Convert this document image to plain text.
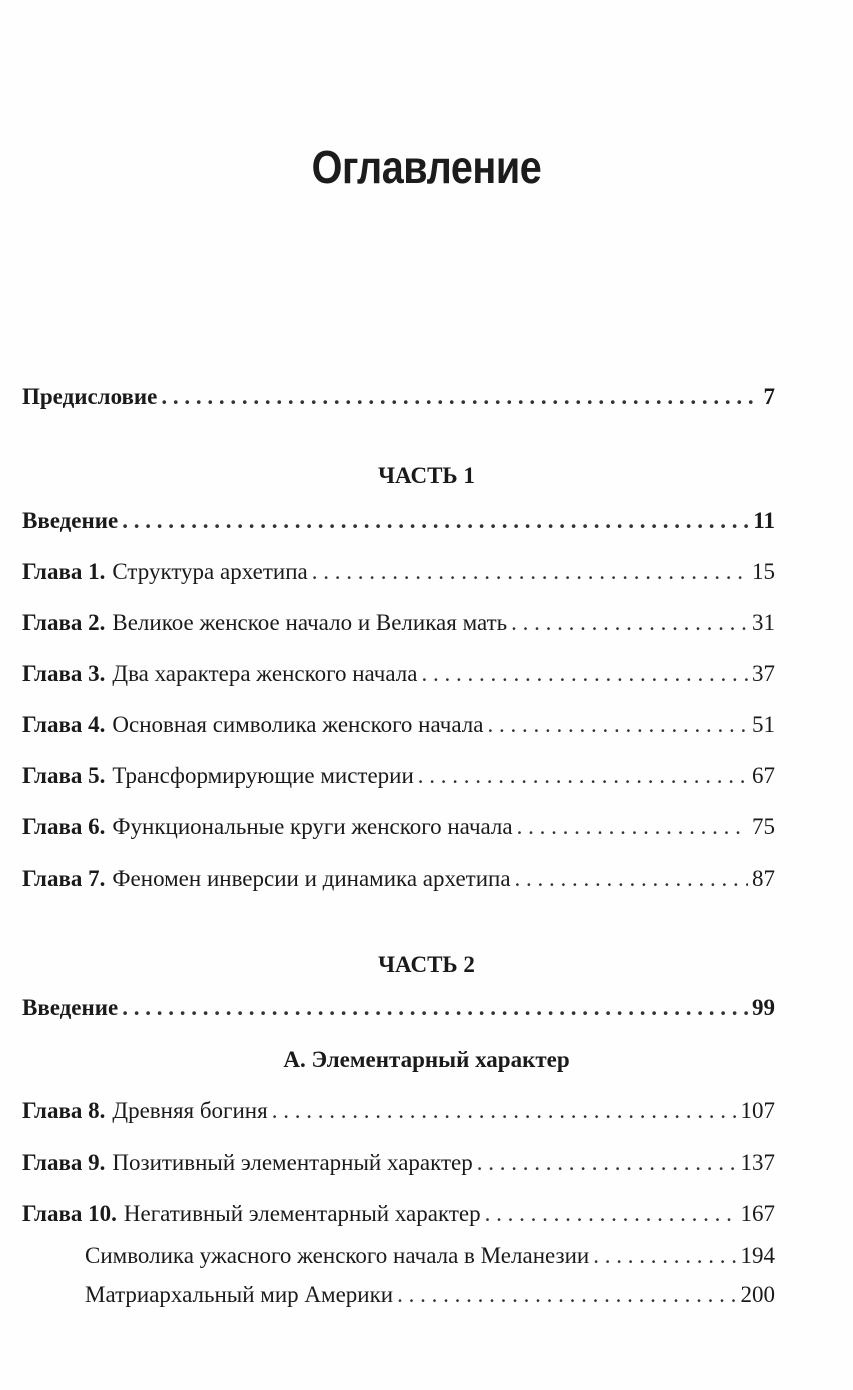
Оглавление
Предисловие . . .	7
ЧАСТЬ 1
Введение . . .	11
Глава 1. Структура архетипа . . .	15
Глава 2. Великое женское начало и Великая мать . . .	31
Глава 3. Два характера женского начала . . .	37
Глава 4. Основная символика женского начала . . .	51
Глава 5. Трансформирующие мистерии . . .	67
Глава 6. Функциональные круги женского начала . . .	75
Глава 7. Феномен инверсии и динамика архетипа . . .	87
ЧАСТЬ 2
Введение . . .	99
А. Элементарный характер
Глава 8. Древняя богиня . . .	107
Глава 9. Позитивный элементарный характер . . .	137
Глава 10. Негативный элементарный характер . . .	167
Символика ужасного женского начала в Меланезии . . .	194
Матриархальный мир Америки . . .	200
